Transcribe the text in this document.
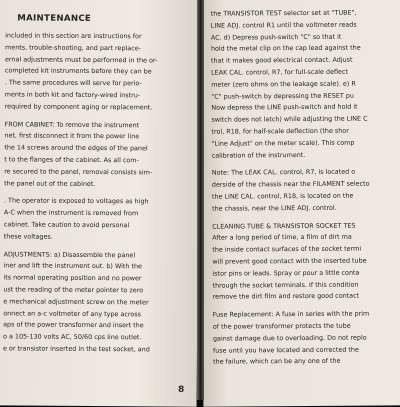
MAINTENANCE
included in this section are instructions for
ments, trouble-shooting, and part replace-
ernal adjustments must be performed in the or-
completed kit instruments before they can be
. The same procedures will serve for perio-
ments in both kit and factory-wired instru-
required by component aging or replacement.
FROM CABINET: To remove the instrument
net, first disconnect it from the power line
the 14 screws around the edges of the panel
t to the flanges of the cabinet. As all com-
re secured to the panel, removal consists sim-
the panel out of the cabinet.
. The operator is exposed to voltages as high
A-C when the instrument is removed from
cabinet. Take caution to avoid personal
these voltages.
ADJUSTMENTS: a) Disassemble the panel
iner and lift the instrument out. b) With the
its normal operating position and no power
ust the reading of the meter pointer to zero
e mechanical adjustment screw on the meter
onnect an a-c voltmeter of any type across
aps of the power transformer and insert the
o a 105-130 volts AC, 50/60 cps line outlet.
e or transistor inserted in the test socket, and
the TRANSISTOR TEST selector set at "TUBE",
LINE ADJ. control R1 until the voltmeter reads
AC. d) Depress push-switch "C" so that it
hold the metal clip on the cap lead against the
that it makes good electrical contact. Adjust
LEAK CAL. control, R7, for full-scale deflect
meter (zero ohms on the leakage scale). e) R
"C" push-switch by depressing the RESET pu
Now depress the LINE push-switch and hold it
switch does not latch) while adjusting the LINE C
trol, R18, for half-scale deflection (the shor
"Line Adjust" on the meter scale). This comp
calibration of the instrument.
Note: The LEAK CAL. control, R7, is located o
derside of the chassis near the FILAMENT selecto
the LINE CAL. control, R18, is located on the
the chassis, near the LINE ADJ. control.
CLEANING TUBE & TRANSISTOR SOCKET TES
After a long period of time, a film of dirt ma
the inside contact surfaces of the socket termi
will prevent good contact with the inserted tube
istor pins or leads. Spray or pour a little conta
through the socket terminals. If this condition
remove the dirt film and restore good contact
Fuse Replacement: A fuse in series with the prim
of the power transformer protects the tube
gainst damage due to overloading. Do not replo
fuse until you have located and corrected the
the failure, which can be any one of the
8
